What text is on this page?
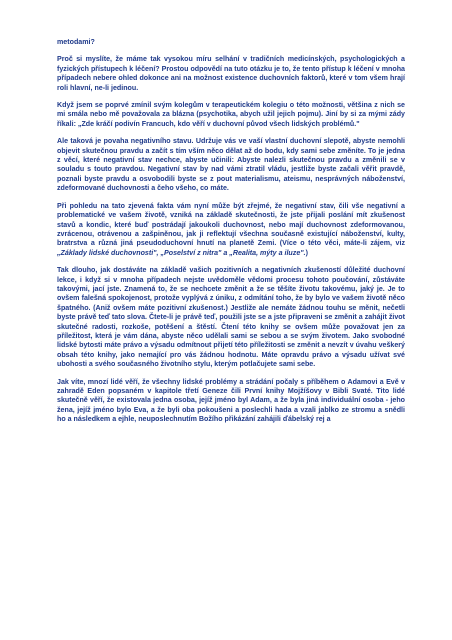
metodami?

Proč si myslíte, že máme tak vysokou míru selhání v tradičních medicínských, psychologických a fyzických přístupech k léčení? Prostou odpovědí na tuto otázku je to, že tento přístup k léčení v mnoha případech nebere ohled dokonce ani na možnost existence duchovních faktorů, které v tom všem hrají roli hlavní, ne-li jedinou.

Když jsem se poprvé zmínil svým kolegům v terapeutickém kolegiu o této možnosti, většina z nich se mi smála nebo mě považovala za blázna (psychotika, abych užil jejich pojmu). Jiní by si za mými zády říkali: „Zde kráčí podivín Francuch, kdo věří v duchovní původ všech lidských problémů."

Ale taková je povaha negativního stavu. Udržuje vás ve vaší vlastní duchovní slepotě, abyste nemohli objevit skutečnou pravdu a začít s tím vším něco dělat až do bodu, kdy sami sebe změníte. To je jedna z věcí, které negativní stav nechce, abyste učinili: Abyste nalezli skutečnou pravdu a změnili se v souladu s touto pravdou. Negativní stav by nad vámi ztratil vládu, jestliže byste začali věřit pravdě, poznali byste pravdu a osvobodili byste se z pout materialismu, ateismu, nesprávných náboženství, zdeformované duchovnosti a čeho všeho, co máte.

Při pohledu na tato zjevená fakta vám nyní může být zřejmé, že negativní stav, čili vše negativní a problematické ve vašem životě, vzniká na základě skutečnosti, že jste přijali poslání mít zkušenost stavů a kondic, které buď postrádají jakoukoli duchovnost, nebo mají duchovnost zdeformovanou, zvrácenou, otrávenou a zašpiněnou, jak ji reflektují všechna současně existující náboženství, kulty, bratrstva a různá jiná pseudoduchovní hnutí na planetě Zemi. (Více o této věci, máte-li zájem, viz „Základy lidské duchovnosti", „Poselství z nitra" a „Realita, mýty a iluze".)

Tak dlouho, jak dostáváte na základě vašich pozitivních a negativních zkušeností důležité duchovní lekce, i když si v mnoha případech nejste uvědoměle vědomi procesu tohoto poučování, zůstáváte takovými, jací jste. Znamená to, že se nechcete změnit a že se těšíte životu takovému, jaký je. Je to ovšem falešná spokojenost, protože vyplývá z úniku, z odmítání toho, že by bylo ve vašem životě něco špatného. (Aniž ovšem máte pozitivní zkušenost.) Jestliže ale nemáte žádnou touhu se měnit, nečetli byste právě teď tato slova. Čtete-li je právě teď, použili jste se a jste připraveni se změnit a zahájit život skutečné radosti, rozkoše, potěšení a štěstí. Čtení této knihy se ovšem může považovat jen za příležitost, která je vám dána, abyste něco udělali sami se sebou a se svým životem. Jako svobodné lidské bytosti máte právo a výsadu odmítnout přijetí této příležitosti se změnit a nevzít v úvahu veškerý obsah této knihy, jako nemající pro vás žádnou hodnotu. Máte opravdu právo a výsadu užívat své ubohosti a svého současného životního stylu, kterým potlačujete sami sebe.

Jak víte, mnozí lidé věří, že všechny lidské problémy a strádání počaly s příběhem o Adamovi a Evě v zahradě Eden popsaném v kapitole třetí Geneze čili První knihy Mojžíšovy v Bibli Svaté. Tito lidé skutečně věří, že existovala jedna osoba, jejíž jméno byl Adam, a že byla jiná individuální osoba - jeho žena, jejíž jméno bylo Eva, a že byli oba pokoušeni a poslechli hada a vzali jablko ze stromu a snědli ho a následkem a ejhle, neuposlechnutím Božího přikázání zahájili ďábelský rej a
